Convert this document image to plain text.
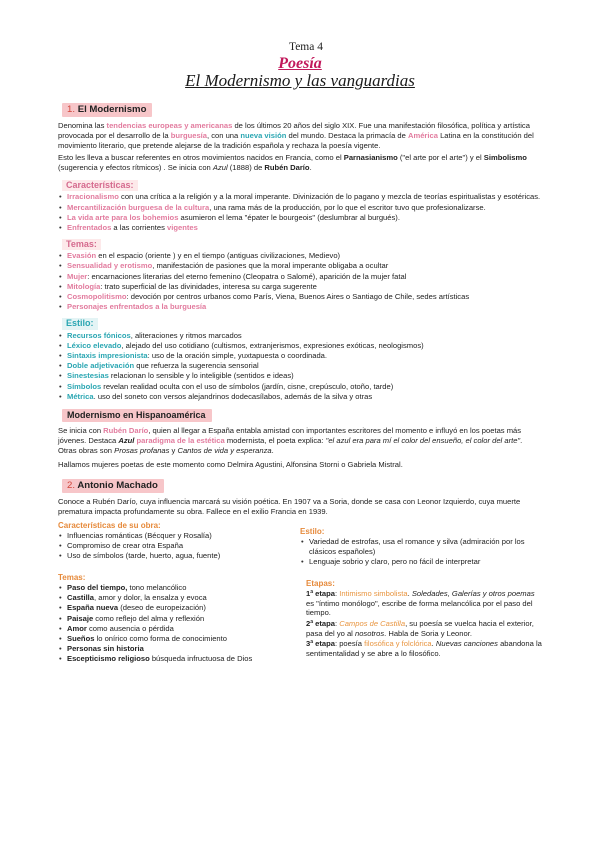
Tema 4
Poesía
El Modernismo y las vanguardias
1. El Modernismo

Denomina las tendencias europeas y americanas de los últimos 20 años del siglo XIX. Fue una manifestación filosófica, política y artística provocada por el desarrollo de la burguesía, con una nueva visión del mundo. Destaca la primacía de América Latina en la constitución del movimiento literario, que pretende alejarse de la tradición española y rechaza la poesía vigente.

Esto les lleva a buscar referentes en otros movimientos nacidos en Francia, como el Parnasianismo ("el arte por el arte") y el Simbolismo (sugerencia y efectos rítmicos) . Se inicia con Azul (1888) de Rubén Darío.

Características:
• Irracionalismo con una crítica a la religión y a la moral imperante. Divinización de lo pagano y mezcla de teorías espiritualistas y esotéricas.
• Mercantilización burguesa de la cultura, una rama más de la producción, por lo que el escritor tuvo que profesionalizarse.
• La vida arte para los bohemios asumieron el lema "épater le bourgeois" (deslumbrar al burgués).
• Enfrentados a las corrientes vigentes
Temas:
• Evasión en el espacio (oriente ) y en el tiempo (antiguas civilizaciones, Medievo)
• Sensualidad y erotismo, manifestación de pasiones que la moral imperante obligaba a ocultar
• Mujer: encarnaciones literarias del eterno femenino (Cleopatra o Salomé), aparición de la mujer fatal
• Mitología: trato superficial de las divinidades, interesa su carga sugerente
• Cosmopolitismo: devoción por centros urbanos como París, Viena, Buenos Aires o Santiago de Chile, sedes artísticas
• Personajes enfrentados a la burguesía
Estilo:
• Recursos fónicos, aliteraciones y ritmos marcados
• Léxico elevado, alejado del uso cotidiano (cultismos, extranjerismos, expresiones exóticas, neologismos)
• Sintaxis impresionista: uso de la oración simple, yuxtapuesta o coordinada.
• Doble adjetivación que refuerza la sugerencia sensorial
• Sinestesias relacionan lo sensible y lo inteligible (sentidos e ideas)
• Símbolos revelan realidad oculta con el uso de símbolos (jardín, cisne, crepúsculo, otoño, tarde)
• Métrica. uso del soneto con versos alejandrinos dodecasílabos, además de la silva y otras
Modernismo en Hispanoamérica

Se inicia con Rubén Darío, quien al llegar a España entabla amistad con importantes escritores del momento e influyó en los poetas más jóvenes. Destaca Azul paradigma de la estética modernista, el poeta explica: "el azul era para mí el color del ensueño, el color del arte". Otras obras son Prosas profanas y Cantos de vida y esperanza.

Hallamos mujeres poetas de este momento como Delmira Agustini, Alfonsina Storni o Gabriela Mistral.

2. Antonio Machado

Conoce a Rubén Darío, cuya influencia marcará su visión poética. En 1907 va a Soria, donde se casa con Leonor Izquierdo, cuya muerte prematura impacta profundamente su obra. Fallece en el exilio Francia en 1939.

Características de su obra:
• Influencias románticas (Bécquer y Rosalía)
• Compromiso de crear otra España
• Uso de símbolos (tarde, huerto, agua, fuente)
Estilo:
• Variedad de estrofas, usa el romance y silva (admiración por los clásicos españoles)
• Lenguaje sobrio y claro, pero no fácil de interpretar
Temas:
• Paso del tiempo, tono melancólico
• Castilla, amor y dolor, la ensalza y evoca
• España nueva (deseo de europeización)
• Paisaje como reflejo del alma y reflexión
• Amor como ausencia o pérdida
• Sueños lo onírico como forma de conocimiento
• Personas sin historia
• Escepticismo religioso búsqueda infructuosa de Dios
Etapas:

1ª etapa: Intimismo simbolista. Soledades, Galerías y otros poemas es "íntimo monólogo", escribe de forma melancólica por el paso del tiempo.

2ª etapa: Campos de Castilla, su poesía se vuelca hacia el exterior, pasa del yo al nosotros. Habla de Soria y Leonor.

3ª etapa: poesía filosófica y folclórica. Nuevas canciones abandona la sentimentalidad y se abre a lo filosófico.
